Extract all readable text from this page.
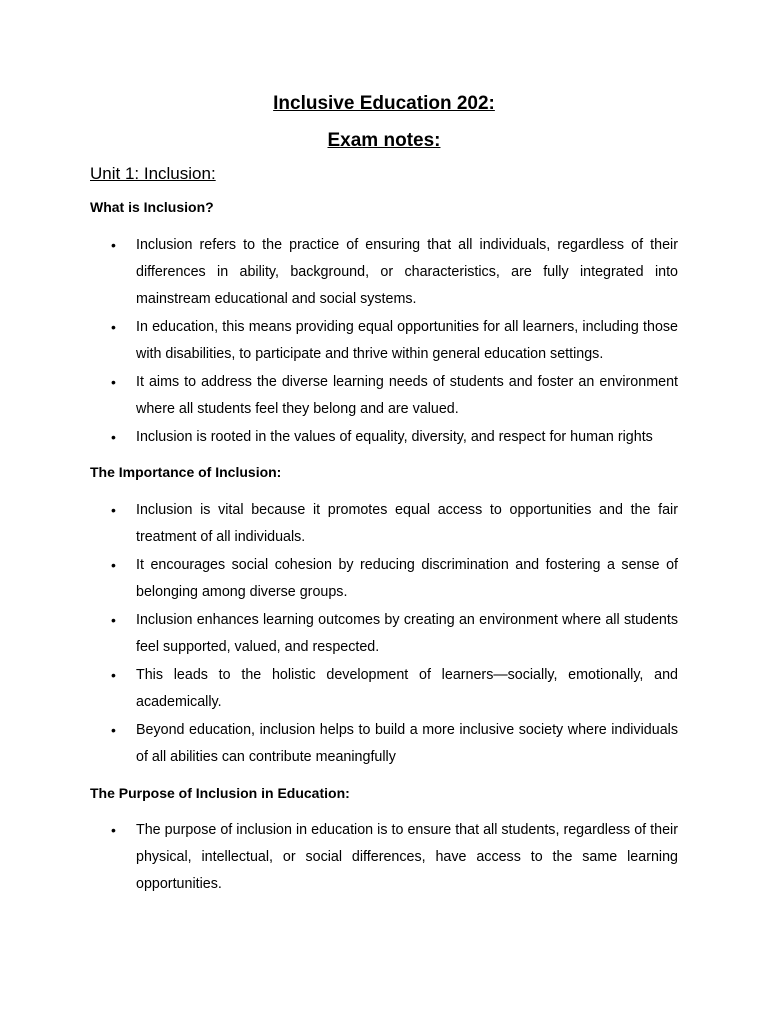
Inclusive Education 202:
Exam notes:
Unit 1: Inclusion:

What is Inclusion?

• Inclusion refers to the practice of ensuring that all individuals, regardless of their differences in ability, background, or characteristics, are fully integrated into mainstream educational and social systems.
• In education, this means providing equal opportunities for all learners, including those with disabilities, to participate and thrive within general education settings.
• It aims to address the diverse learning needs of students and foster an environment where all students feel they belong and are valued.
• Inclusion is rooted in the values of equality, diversity, and respect for human rights

The Importance of Inclusion:

• Inclusion is vital because it promotes equal access to opportunities and the fair treatment of all individuals.
• It encourages social cohesion by reducing discrimination and fostering a sense of belonging among diverse groups.
• Inclusion enhances learning outcomes by creating an environment where all students feel supported, valued, and respected.
• This leads to the holistic development of learners—socially, emotionally, and academically.
• Beyond education, inclusion helps to build a more inclusive society where individuals of all abilities can contribute meaningfully

The Purpose of Inclusion in Education:

• The purpose of inclusion in education is to ensure that all students, regardless of their physical, intellectual, or social differences, have access to the same learning opportunities.
